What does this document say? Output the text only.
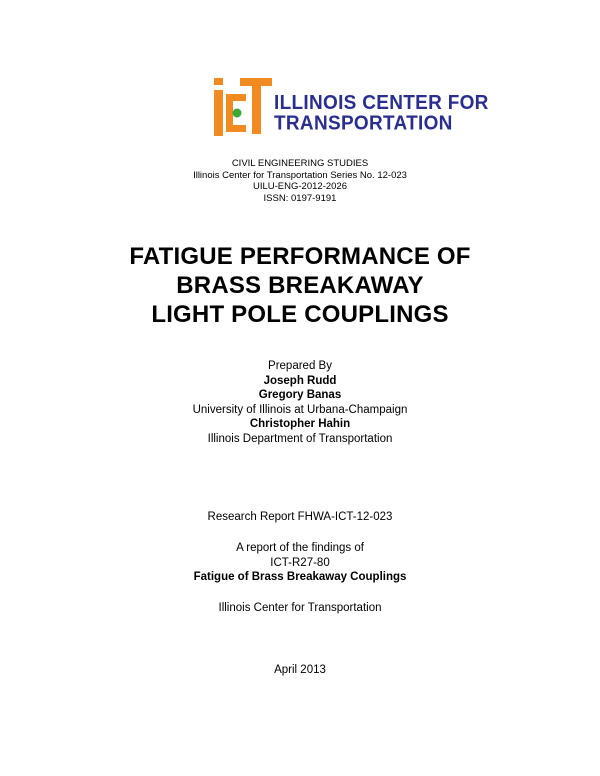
ILLINOIS CENTER FOR
TRANSPORTATION
CIVIL ENGINEERING STUDIES
Illinois Center for Transportation Series No. 12-023
UILU-ENG-2012-2026
ISSN: 0197-9191
FATIGUE PERFORMANCE OF
BRASS BREAKAWAY
LIGHT POLE COUPLINGS
Prepared By
Joseph Rudd
Gregory Banas
University of Illinois at Urbana-Champaign
Christopher Hahin
Illinois Department of Transportation
Research Report FHWA-ICT-12-023
A report of the findings of
ICT-R27-80
Fatigue of Brass Breakaway Couplings
Illinois Center for Transportation
April 2013
